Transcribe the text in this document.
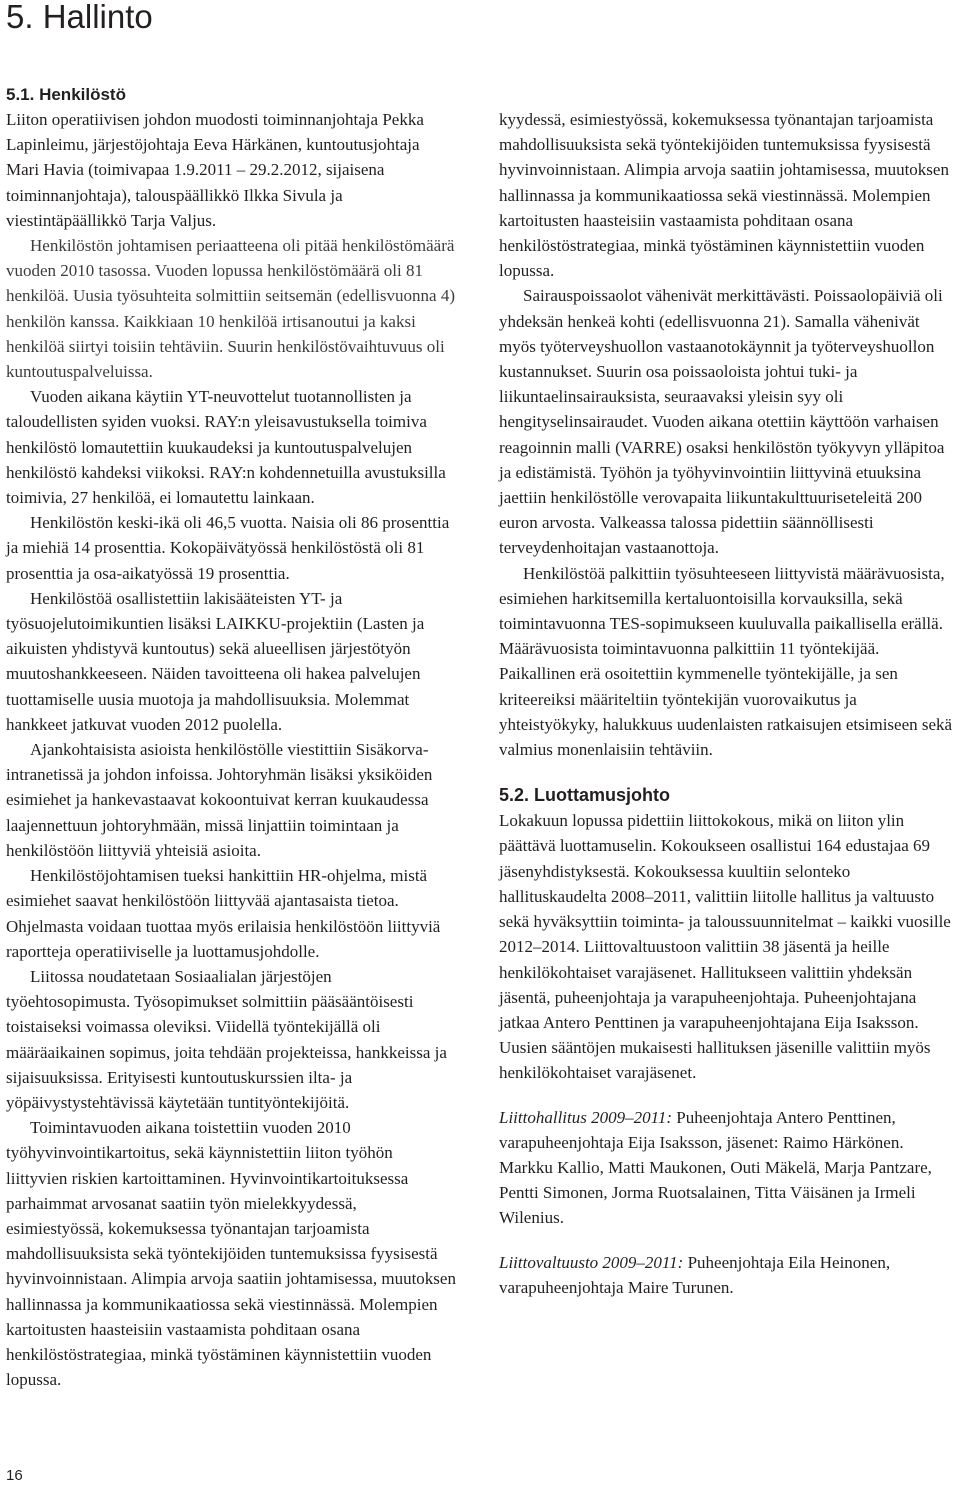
5. Hallinto
5.1. Henkilöstö

Liiton operatiivisen johdon muodosti toiminnanjohtaja Pekka Lapinleimu, järjestöjohtaja Eeva Härkänen, kuntoutusjohtaja Mari Havia (toimivapaa 1.9.2011 – 29.2.2012, sijaisena toiminnanjohtaja), talouspäällikkö Ilkka Sivula ja viestintäpäällikkö Tarja Valjus.

Henkilöstön johtamisen periaatteena oli pitää henkilöstömäärä vuoden 2010 tasossa. Vuoden lopussa henkilöstömäärä oli 81 henkilöä. Uusia työsuhteita solmittiin seitsemän (edellisvuonna 4) henkilön kanssa. Kaikkiaan 10 henkilöä irtisanoutui ja kaksi henkilöä siirtyi toisiin tehtäviin. Suurin henkilöstövaihtuvuus oli kuntoutuspalveluissa.

Vuoden aikana käytiin YT-neuvottelut tuotannollisten ja taloudellisten syiden vuoksi. RAY:n yleisavustuksella toimiva henkilöstö lomautettiin kuukaudeksi ja kuntoutuspalvelujen henkilöstö kahdeksi viikoksi. RAY:n kohdennetuilla avustuksilla toimivia, 27 henkilöä, ei lomautettu lainkaan.

Henkilöstön keski-ikä oli 46,5 vuotta. Naisia oli 86 prosenttia ja miehiä 14 prosenttia. Kokopäivätyössä henkilöstöstä oli 81 prosenttia ja osa-aikatyössä 19 prosenttia.

Henkilöstöä osallistettiin lakisääteisten YT- ja työsuojelutoimikuntien lisäksi LAIKKU-projektiin (Lasten ja aikuisten yhdistyvä kuntoutus) sekä alueellisen järjestötyön muutoshankkeeseen. Näiden tavoitteena oli hakea palvelujen tuottamiselle uusia muotoja ja mahdollisuuksia. Molemmat hankkeet jatkuvat vuoden 2012 puolella.

Ajankohtaisista asioista henkilöstölle viestittiin Sisäkorva-intranetissä ja johdon infoissa. Johtoryhmän lisäksi yksiköiden esimiehet ja hankevastaavat kokoontuivat kerran kuukaudessa laajennettuun johtoryhmään, missä linjattiin toimintaan ja henkilöstöön liittyviä yhteisiä asioita.

Henkilöstöjohtamisen tueksi hankittiin HR-ohjelma, mistä esimiehet saavat henkilöstöön liittyvää ajantasaista tietoa. Ohjelmasta voidaan tuottaa myös erilaisia henkilöstöön liittyviä raportteja operatiiviselle ja luottamusjohdolle.

Liitossa noudatetaan Sosiaalialan järjestöjen työehtosopimusta. Työsopimukset solmittiin pääsääntöisesti toistaiseksi voimassa oleviksi. Viidellä työntekijällä oli määräaikainen sopimus, joita tehdään projekteissa, hankkeissa ja sijaisuuksissa. Erityisesti kuntoutuskurssien ilta- ja yöpäivystystehtävissä käytetään tuntityöntekijöitä.

Toimintavuoden aikana toistettiin vuoden 2010 työhyvinvointikartoitus, sekä käynnistettiin liiton työhön liittyvien riskien kartoittaminen. Hyvinvointikartoituksessa parhaimmat arvosanat saatiin työn mielekkyydessä, esimiestyössä, kokemuksessa työnantajan tarjoamista mahdollisuuksista sekä työntekijöiden tuntemuksissa fyysisestä hyvinvoinnistaan. Alimpia arvoja saatiin johtamisessa, muutoksen hallinnassa ja kommunikaatiossa sekä viestinnässä. Molempien kartoitusten haasteisiin vastaamista pohditaan osana henkilöstöstrategiaa, minkä työstäminen käynnistettiin vuoden lopussa.

kyydessä, esimiestyössä, kokemuksessa työnantajan tarjoamista mahdollisuuksista sekä työntekijöiden tuntemuksissa fyysisestä hyvinvoinnistaan. Alimpia arvoja saatiin johtamisessa, muutoksen hallinnassa ja kommunikaatiossa sekä viestinnässä. Molempien kartoitusten haasteisiin vastaamista pohditaan osana henkilöstöstrategiaa, minkä työstäminen käynnistettiin vuoden lopussa.

Sairauspoissaolot vähenivät merkittävästi. Poissaolopäiviä oli yhdeksän henkeä kohti (edellisvuonna 21). Samalla vähenivät myös työterveyshuollon vastaanotokäynnit ja työterveyshuollon kustannukset. Suurin osa poissaoloista johtui tuki- ja liikuntaelinsairauksista, seuraavaksi yleisin syy oli hengityselinsairaudet. Vuoden aikana otettiin käyttöön varhaisen reagoinnin malli (VARRE) osaksi henkilöstön työkyvyn ylläpitoa ja edistämistä. Työhön ja työhyvinvointiin liittyvinä etuuksina jaettiin henkilöstölle verovapaita liikuntakulttuuriseteleitä 200 euron arvosta. Valkeassa talossa pidettiin säännöllisesti terveydenhoitajan vastaanottoja.

Henkilöstöä palkittiin työsuhteeseen liittyvistä määrävuosista, esimiehen harkitsemilla kertaluontoisilla korvauksilla, sekä toimintavuonna TES-sopimukseen kuuluvalla paikallisella erällä. Määrävuosista toimintavuonna palkittiin 11 työntekijää. Paikallinen erä osoitettiin kymmenelle työntekijälle, ja sen kriteereiksi määriteltiin työntekijän vuorovaikutus ja yhteistyökyky, halukkuus uudenlaisten ratkaisujen etsimiseen sekä valmius monenlaisiin tehtäviin.

5.2. Luottamusjohto

Lokakuun lopussa pidettiin liittokokous, mikä on liiton ylin päättävä luottamuselin. Kokoukseen osallistui 164 edustajaa 69 jäsenyhdistyksestä. Kokouksessa kuultiin selonteko hallituskaudelta 2008–2011, valittiin liitolle hallitus ja valtuusto sekä hyväksyttiin toiminta- ja taloussuunnitelmat – kaikki vuosille 2012–2014. Liittovaltuustoon valittiin 38 jäsentä ja heille henkilökohtaiset varajäsenet. Hallitukseen valittiin yhdeksän jäsentä, puheenjohtaja ja varapuheenjohtaja. Puheenjohtajana jatkaa Antero Penttinen ja varapuheenjohtajana Eija Isaksson. Uusien sääntöjen mukaisesti hallituksen jäsenille valittiin myös henkilökohtaiset varajäsenet.

Liittohallitus 2009–2011: Puheenjohtaja Antero Penttinen, varapuheenjohtaja Eija Isaksson, jäsenet: Raimo Härkönen. Markku Kallio, Matti Maukonen, Outi Mäkelä, Marja Pantzare, Pentti Simonen, Jorma Ruotsalainen, Titta Väisänen ja Irmeli Wilenius.

Liittovaltuusto 2009–2011: Puheenjohtaja Eila Heinonen, varapuheenjohtaja Maire Turunen.

16
